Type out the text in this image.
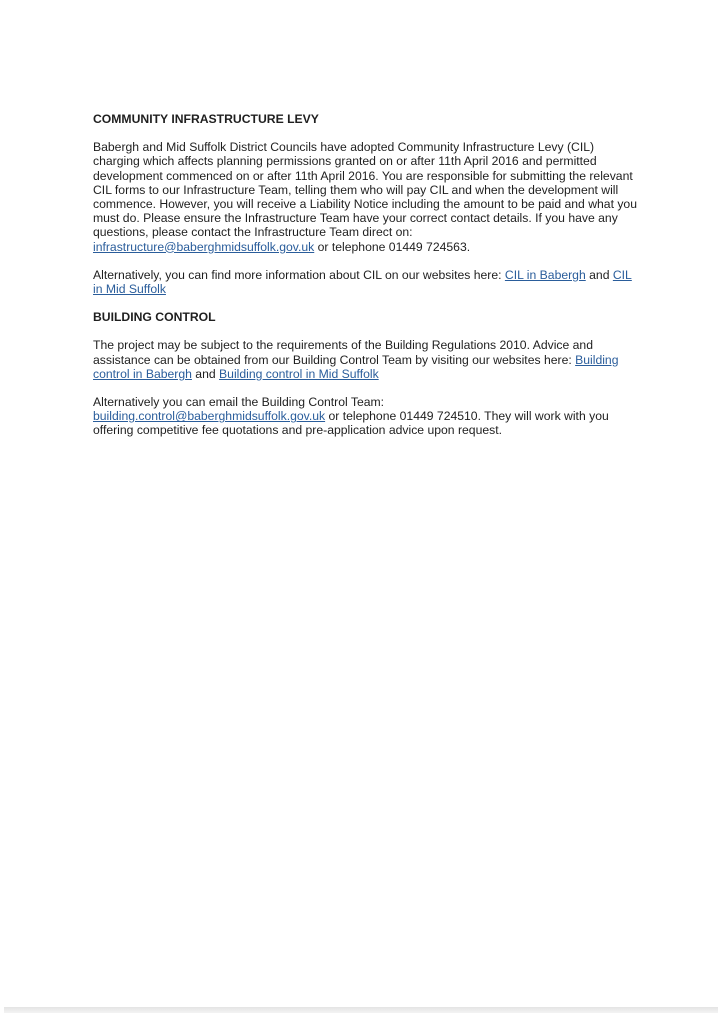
COMMUNITY INFRASTRUCTURE LEVY

Babergh and Mid Suffolk District Councils have adopted Community Infrastructure Levy (CIL) charging which affects planning permissions granted on or after 11th April 2016 and permitted development commenced on or after 11th April 2016. You are responsible for submitting the relevant CIL forms to our Infrastructure Team, telling them who will pay CIL and when the development will commence. However, you will receive a Liability Notice including the amount to be paid and what you must do. Please ensure the Infrastructure Team have your correct contact details. If you have any questions, please contact the Infrastructure Team direct on:
infrastructure@baberghmidsuffolk.gov.uk or telephone 01449 724563.

Alternatively, you can find more information about CIL on our websites here: CIL in Babergh and CIL in Mid Suffolk

BUILDING CONTROL

The project may be subject to the requirements of the Building Regulations 2010. Advice and assistance can be obtained from our Building Control Team by visiting our websites here: Building control in Babergh and Building control in Mid Suffolk

Alternatively you can email the Building Control Team:
building.control@baberghmidsuffolk.gov.uk or telephone 01449 724510. They will work with you offering competitive fee quotations and pre-application advice upon request.
